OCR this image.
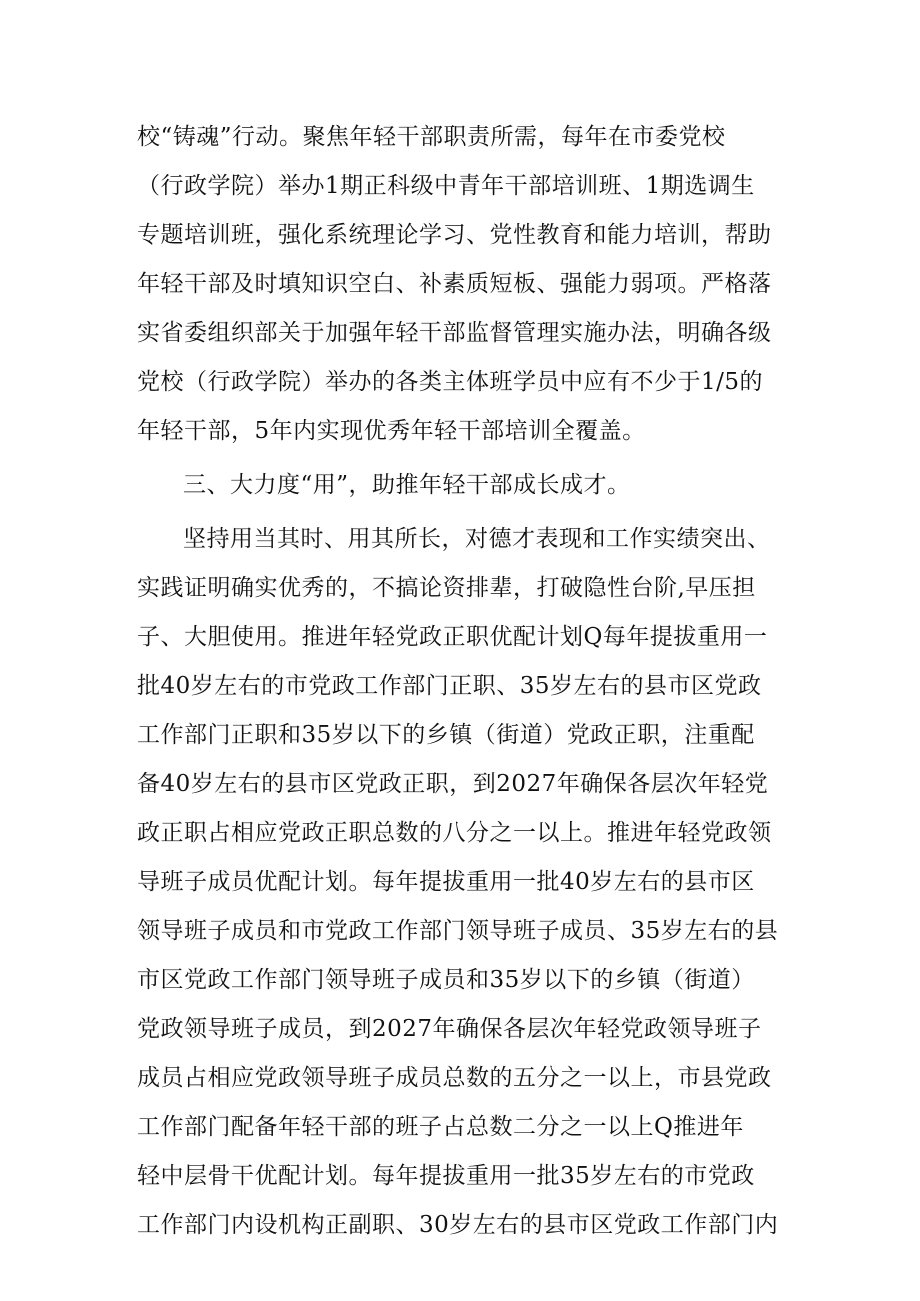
校“铸魂”行动。聚焦年轻干部职责所需，每年在市委党校
（行政学院）举办1期正科级中青年干部培训班、1期选调生
专题培训班，强化系统理论学习、党性教育和能力培训，帮助
年轻干部及时填知识空白、补素质短板、强能力弱项。严格落
实省委组织部关于加强年轻干部监督管理实施办法，明确各级
党校（行政学院）举办的各类主体班学员中应有不少于1/5的
年轻干部，5年内实现优秀年轻干部培训全覆盖。
三、大力度“用”，助推年轻干部成长成才。
坚持用当其时、用其所长，对德才表现和工作实绩突出、
实践证明确实优秀的，不搞论资排辈，打破隐性台阶,早压担
子、大胆使用。推进年轻党政正职优配计划Q每年提拔重用一
批40岁左右的市党政工作部门正职、35岁左右的县市区党政
工作部门正职和35岁以下的乡镇（街道）党政正职，注重配
备40岁左右的县市区党政正职，到2027年确保各层次年轻党
政正职占相应党政正职总数的八分之一以上。推进年轻党政领
导班子成员优配计划。每年提拔重用一批40岁左右的县市区
领导班子成员和市党政工作部门领导班子成员、35岁左右的县
市区党政工作部门领导班子成员和35岁以下的乡镇（街道）
党政领导班子成员，到2027年确保各层次年轻党政领导班子
成员占相应党政领导班子成员总数的五分之一以上，市县党政
工作部门配备年轻干部的班子占总数二分之一以上Q推进年
轻中层骨干优配计划。每年提拔重用一批35岁左右的市党政
工作部门内设机构正副职、30岁左右的县市区党政工作部门内
